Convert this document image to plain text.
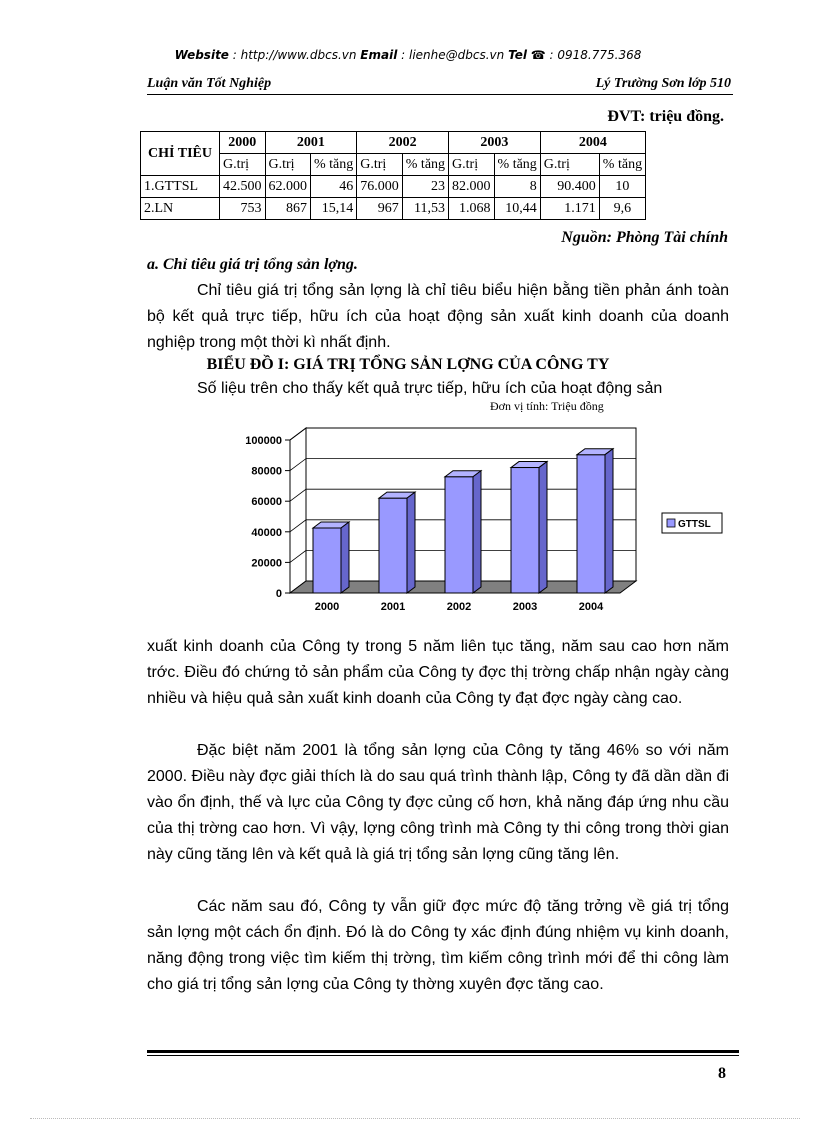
Website : http://www.dbcs.vn Email : lienhe@dbcs.vn Tel ☎ : 0918.775.368
Luận văn Tốt Nghiệp	Lý Trường Sơn lớp 510
ĐVT: triệu đồng.
CHỈ TIÊU	2000	2001		2002		2003		2004	
	G.trị	G.trị	% tăng	G.trị	% tăng	G.trị	% tăng	G.trị	% tăng
1.GTTSL	42.500	62.000	46	76.000	23	82.000	8	90.400	10
2.LN	753	867	15,14	967	11,53	1.068	10,44	1.171	9,6
Nguồn: Phòng Tài chính
a. Chỉ tiêu giá trị tổng sản lợng.
Chỉ tiêu giá trị tổng sản lợng là chỉ tiêu biểu hiện bằng tiền phản ánh toàn bộ kết quả trực tiếp, hữu ích của hoạt động sản xuất kinh doanh của doanh nghiệp trong một thời kì nhất định.
BIỂU ĐỒ I: GIÁ TRỊ TỔNG SẢN LỢNG CỦA CÔNG TY
Số liệu trên cho thấy kết quả trực tiếp, hữu ích của hoạt động sản
Đơn vị tính: Triệu đồng
0
20000
40000
60000
80000
100000
2000	2001	2002	2003	2004
GTTSL
xuất kinh doanh của Công ty trong 5 năm liên tục tăng, năm sau cao hơn năm trớc. Điều đó chứng tỏ sản phẩm của Công ty đợc thị trờng chấp nhận ngày càng nhiều và hiệu quả sản xuất kinh doanh của Công ty đạt đợc ngày càng cao.
Đặc biệt năm 2001 là tổng sản lợng của Công ty tăng 46% so với năm 2000. Điều này đợc giải thích là do sau quá trình thành lập, Công ty đã dần dần đi vào ổn định, thế và lực của Công ty đợc củng cố hơn, khả năng đáp ứng nhu cầu của thị trờng cao hơn. Vì vậy, lợng công trình mà Công ty thi công trong thời gian này cũng tăng lên và kết quả là giá trị tổng sản lợng cũng tăng lên.
Các năm sau đó, Công ty vẫn giữ đợc mức độ tăng trởng về giá trị tổng sản lợng một cách ổn định. Đó là do Công ty xác định đúng nhiệm vụ kinh doanh, năng động trong việc tìm kiếm thị trờng, tìm kiếm công trình mới để thi công làm cho giá trị tổng sản lợng của Công ty thờng xuyên đợc tăng cao.
8
